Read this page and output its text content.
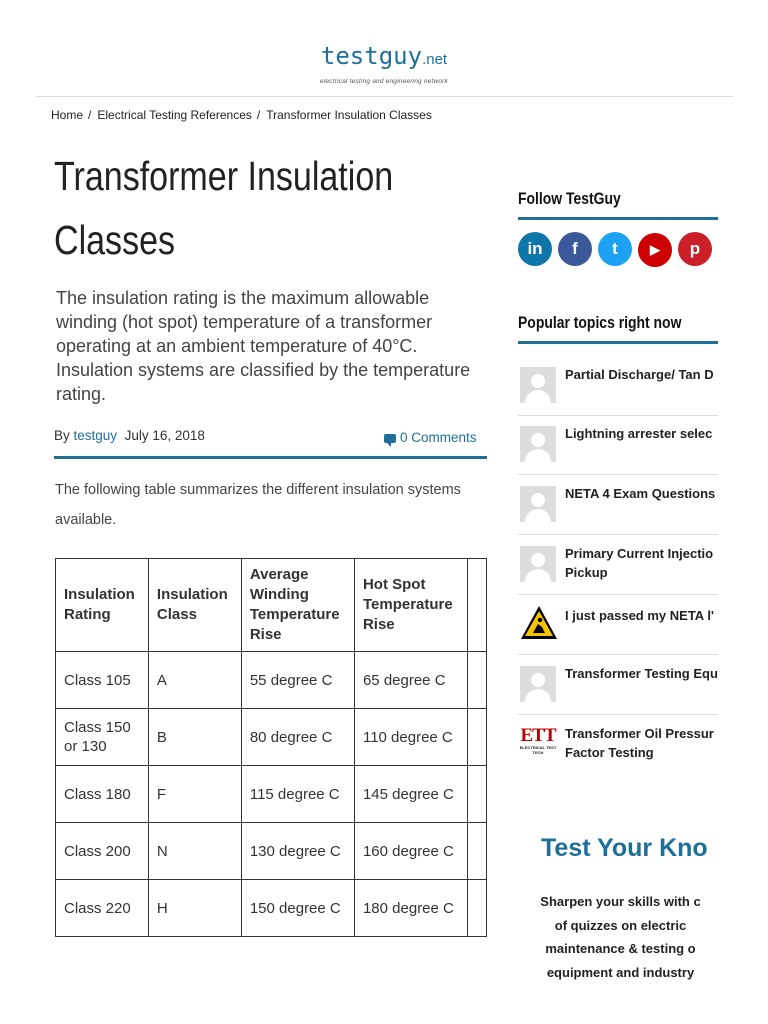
testguy.net
electrical testing and engineering network
Home / Electrical Testing References / Transformer Insulation Classes
Transformer Insulation Classes
The insulation rating is the maximum allowable winding (hot spot) temperature of a transformer operating at an ambient temperature of 40°C. Insulation systems are classified by the temperature rating.
By testguy July 16, 2018	0 Comments
The following table summarizes the different insulation systems available.
Insulation Rating	Insulation Class	Average Winding Temperature Rise	Hot Spot Temperature Rise	
Class 105	A	55 degree C	65 degree C	
Class 150 or 130	B	80 degree C	110 degree C	
Class 180	F	115 degree C	145 degree C	
Class 200	N	130 degree C	160 degree C	
Class 220	H	150 degree C	180 degree C	
Follow TestGuy
in f t ▶ p
Popular topics right now
Partial Discharge/ Tan D
Lightning arrester selec
NETA 4 Exam Questions
Primary Current Injectio
Pickup
I just passed my NETA l'
Transformer Testing Equ
ETT
ELECTRICAL TEST TECH
Transformer Oil Pressur
Factor Testing
Test Your Kno
Sharpen your skills with c
of quizzes on electric
maintenance & testing o
equipment and industry
